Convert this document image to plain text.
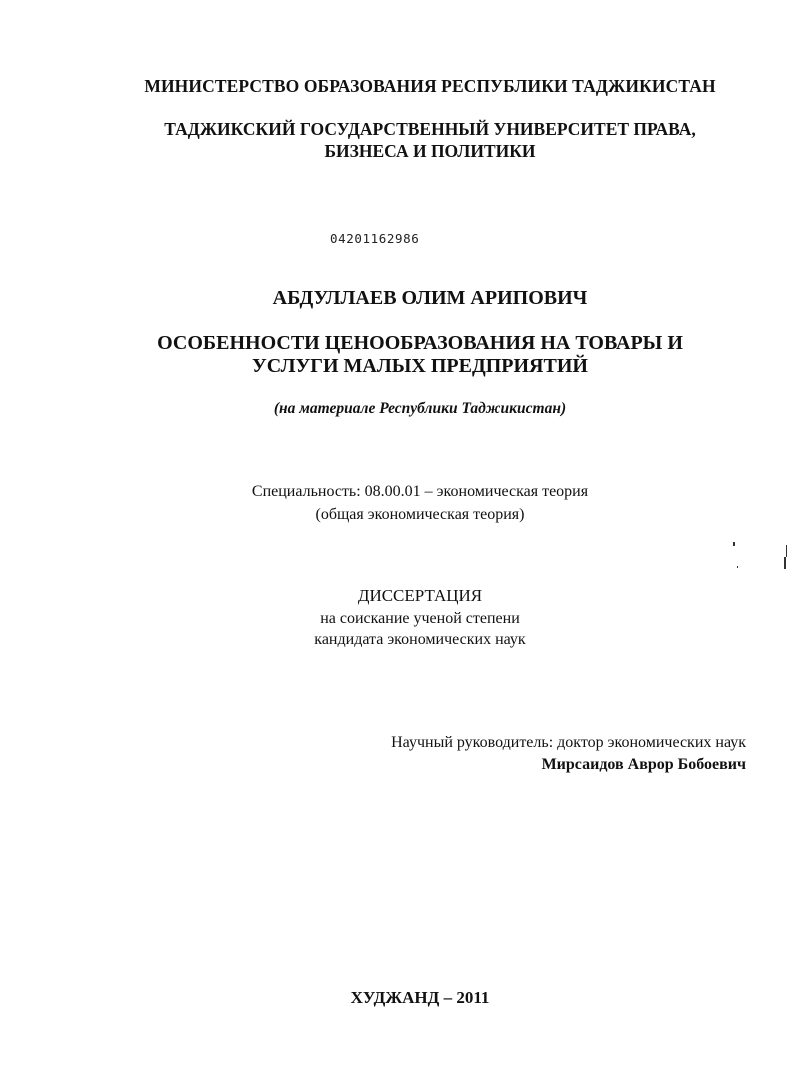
МИНИСТЕРСТВО ОБРАЗОВАНИЯ РЕСПУБЛИКИ ТАДЖИКИСТАН
ТАДЖИКСКИЙ ГОСУДАРСТВЕННЫЙ УНИВЕРСИТЕТ ПРАВА,
БИЗНЕСА И ПОЛИТИКИ
04201162986
АБДУЛЛАЕВ ОЛИМ АРИПОВИЧ
ОСОБЕННОСТИ ЦЕНООБРАЗОВАНИЯ НА ТОВАРЫ И
УСЛУГИ МАЛЫХ ПРЕДПРИЯТИЙ
(на материале Республики Таджикистан)
Специальность: 08.00.01 – экономическая теория
(общая экономическая теория)
ДИССЕРТАЦИЯ
на соискание ученой степени
кандидата экономических наук
Научный руководитель: доктор экономических наук
Мирсаидов Аврор Бобоевич
ХУДЖАНД – 2011
